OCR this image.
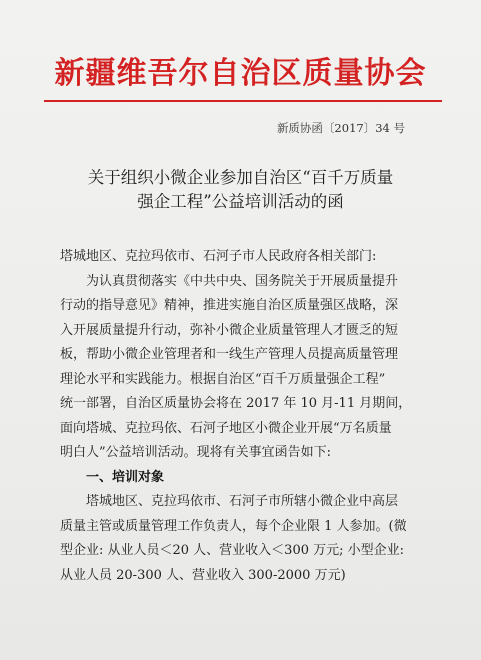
新疆维吾尔自治区质量协会
新质协函〔2017〕34 号
关于组织小微企业参加自治区“百千万质量
强企工程”公益培训活动的函
塔城地区、克拉玛依市、石河子市人民政府各相关部门:
为认真贯彻落实《中共中央、国务院关于开展质量提升
行动的指导意见》精神，推进实施自治区质量强区战略，深
入开展质量提升行动，弥补小微企业质量管理人才匮乏的短
板，帮助小微企业管理者和一线生产管理人员提高质量管理
理论水平和实践能力。根据自治区“百千万质量强企工程”
统一部署，自治区质量协会将在 2017 年 10 月-11 月期间，
面向塔城、克拉玛依、石河子地区小微企业开展“万名质量
明白人”公益培训活动。现将有关事宜函告如下:
一、培训对象
塔城地区、克拉玛依市、石河子市所辖小微企业中高层
质量主管或质量管理工作负责人，每个企业限 1 人参加。(微
型企业: 从业人员＜20 人、营业收入＜300 万元; 小型企业:
从业人员 20-300 人、营业收入 300-2000 万元)
